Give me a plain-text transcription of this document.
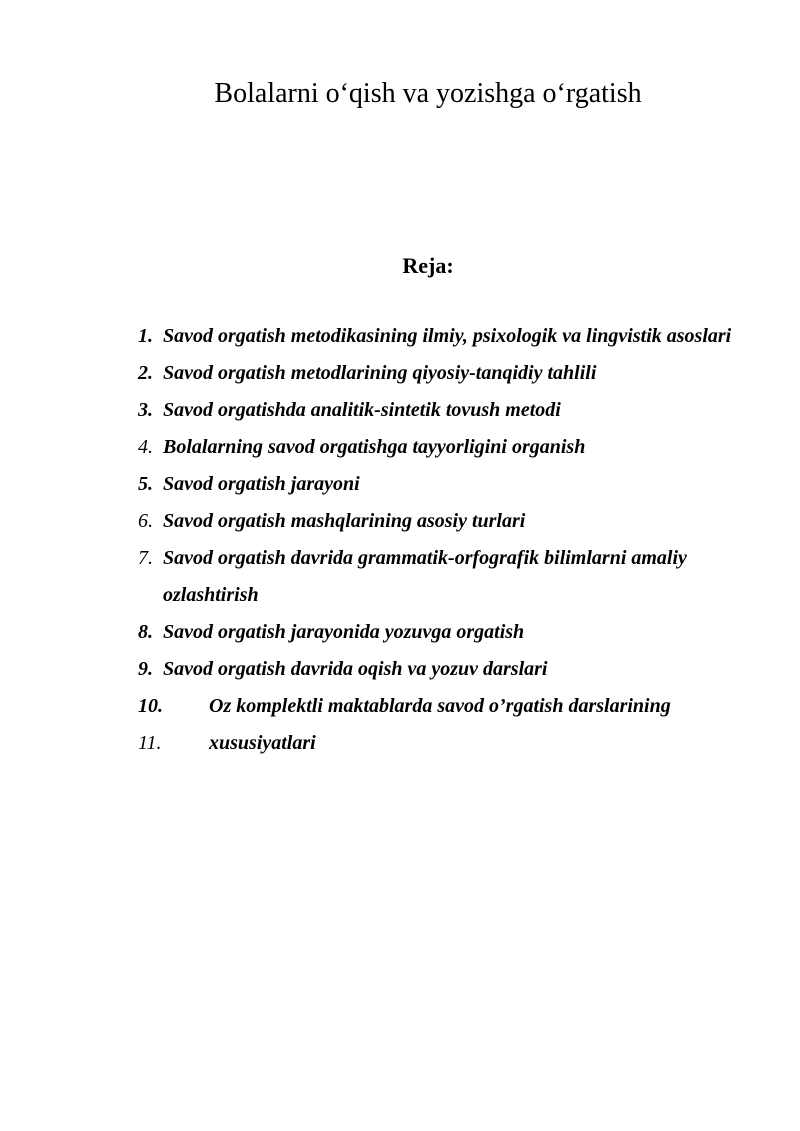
Bolalarni o‘qish va yozishga o‘rgatish
Reja:
1. Savod orgatish metodikasining ilmiy, psixologik va lingvistik asoslari
2. Savod orgatish metodlarining qiyosiy-tanqidiy tahlili
3. Savod orgatishda analitik-sintetik tovush metodi
4. Bolalarning savod orgatishga tayyorligini organish
5. Savod orgatish jarayoni
6. Savod orgatish mashqlarining asosiy turlari
7. Savod orgatish davrida grammatik-orfografik bilimlarni amaliy ozlashtirish
8. Savod orgatish jarayonida yozuvga orgatish
9. Savod orgatish davrida oqish va yozuv darslari
10.	Oz komplektli maktablarda savod o’rgatish darslarining
11.	xususiyatlari
